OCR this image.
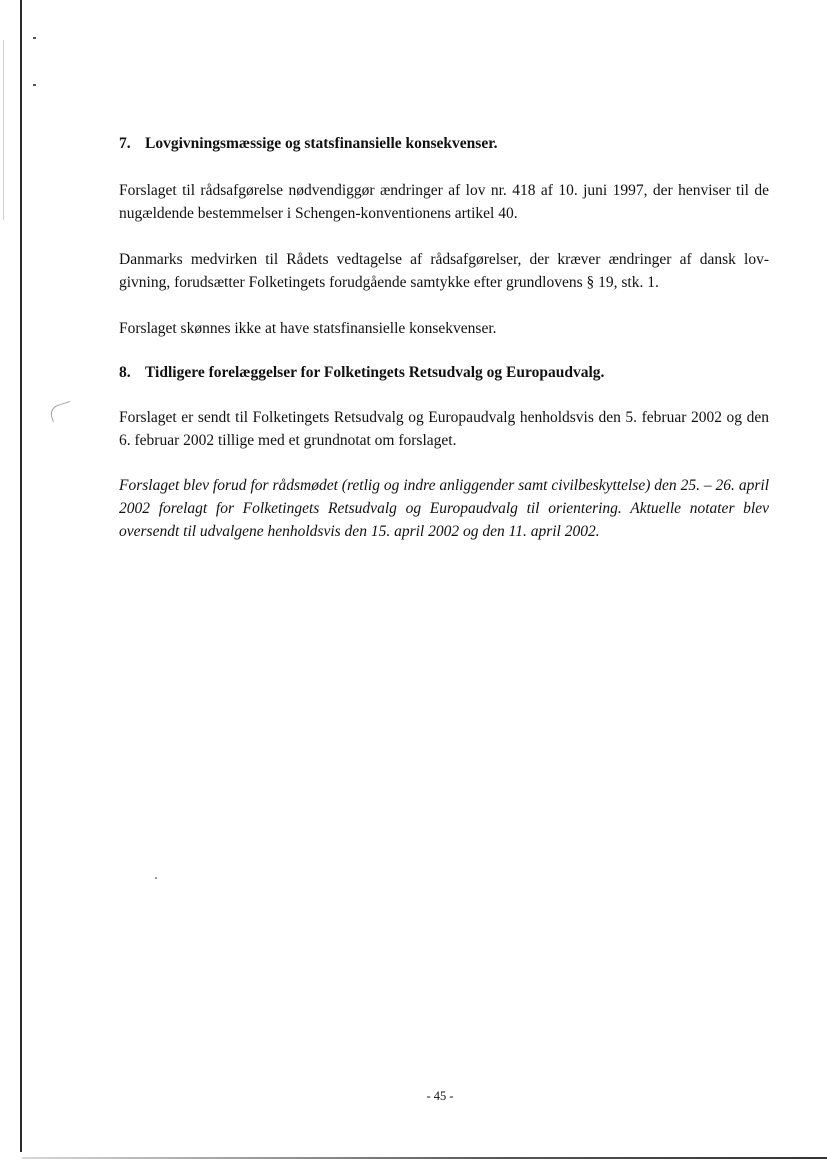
7. Lovgivningsmæssige og statsfinansielle konsekvenser.

Forslaget til rådsafgørelse nødvendiggør ændringer af lov nr. 418 af 10. juni 1997, der henviser til de nugældende bestemmelser i Schengen-konventionens artikel 40.

Danmarks medvirken til Rådets vedtagelse af rådsafgørelser, der kræver ændringer af dansk lov-givning, forudsætter Folketingets forudgående samtykke efter grundlovens § 19, stk. 1.

Forslaget skønnes ikke at have statsfinansielle konsekvenser.

8. Tidligere forelæggelser for Folketingets Retsudvalg og Europaudvalg.

Forslaget er sendt til Folketingets Retsudvalg og Europaudvalg henholdsvis den 5. februar 2002 og den 6. februar 2002 tillige med et grundnotat om forslaget.

Forslaget blev forud for rådsmødet (retlig og indre anliggender samt civilbeskyttelse) den 25. – 26. april 2002 forelagt for Folketingets Retsudvalg og Europaudvalg til orientering. Aktuelle notater blev oversendt til udvalgene henholdsvis den 15. april 2002 og den 11. april 2002.

- 45 -
